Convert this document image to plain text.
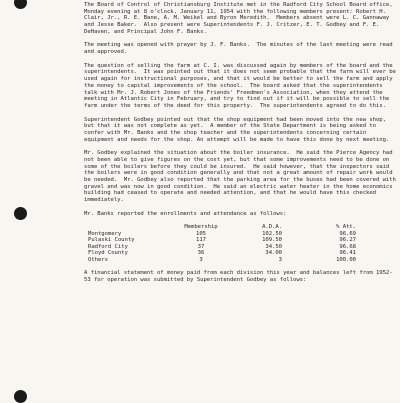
The Board of Control of Christiansburg Institute met in the Radford City School Board office, Monday evening at 8 o'clock, January 11, 1954 with the following members present: Robert H. Clair, Jr., R. E. Bane, A. M. Weikel and Byron Meredith.  Members absent were L. C. Gannaway and Jesse Baker.  Also present were Superintendents F. J. Critzer, E. T. Godbey and F. E. DeHaven, and Principal John F. Banks.

The meeting was opened with prayer by J. F. Banks.  The minutes of the last meeting were read and approved.

The question of selling the farm at C. I. was discussed again by members of the board and the superintendents.  It was pointed out that it does not seem probable that the farm will ever be used again for instructional purposes, and that it would be better to sell the farm and apply the money to capital improvements of the school.  The board asked that the superintendents talk with Mr. J. Robert Jones of the Friends' Freedmen's Association, when they attend the meeting in Atlantic City in February, and try to find out if it will be possible to sell the farm under the terms of the deed for this property.  The superintendents agreed to do this.

Superintendent Godbey pointed out that the shop equipment had been moved into the new shop, but that it was not complete as yet.  A member of the State Department is being asked to confer with Mr. Banks and the shop teacher and the superintendents concerning certain equipment and needs for the shop. An attempt will be made to have this done by next meeting.

Mr. Godbey explained the situation about the boiler insurance.  He said the Pierce Agency had not been able to give figures on the cost yet, but that some improvements need to be done on some of the boilers before they could be insured.  He said however, that the inspectors said the boilers were in good condition generally and that not a great amount of repair work would be needed.  Mr. Godbey also reported that the parking area for the buses had been covered with gravel and was now in good condition.  He said an electric water heater in the home economics building had ceased to operate and needed attention, and that he would have this checked immediately.

Mr. Banks reported the enrollments and attendance as follows:

	Membership	A.D.A.	% Att.
Montgomery	105	102.50	96.69
Pulaski County	117	109.50	96.27
Radford City	37	34.50	96.68
Floyd County	36	34.00	96.41
Others	3	3	100.00

A financial statement of money paid from each division this year and balances left from 1952-53 for operation was submitted by Superintendent Godbey as follows:
